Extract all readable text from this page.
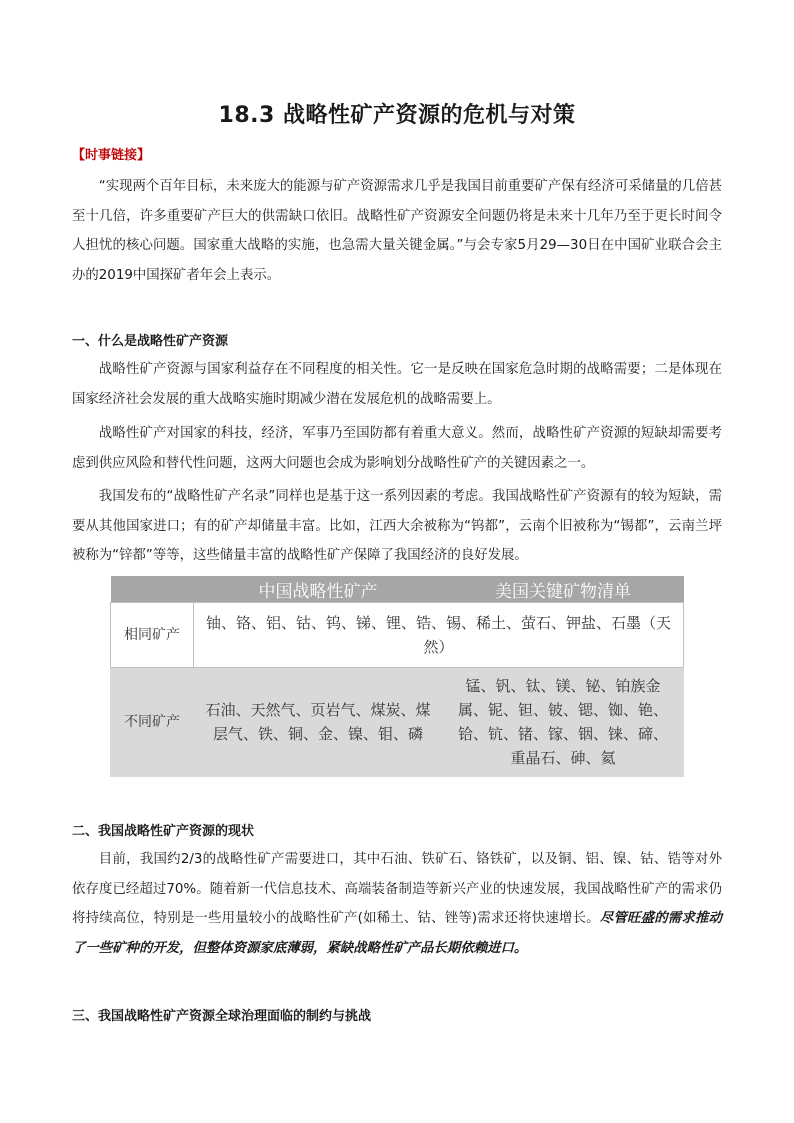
18.3 战略性矿产资源的危机与对策
【时事链接】

“实现两个百年目标，未来庞大的能源与矿产资源需求几乎是我国目前重要矿产保有经济可采储量的几倍甚至十几倍，许多重要矿产巨大的供需缺口依旧。战略性矿产资源安全问题仍将是未来十几年乃至于更长时间令人担忧的核心问题。国家重大战略的实施，也急需大量关键金属。”与会专家5月29—30日在中国矿业联合会主办的2019中国探矿者年会上表示。

一、什么是战略性矿产资源

战略性矿产资源与国家利益存在不同程度的相关性。它一是反映在国家危急时期的战略需要；二是体现在国家经济社会发展的重大战略实施时期减少潜在发展危机的战略需要上。

战略性矿产对国家的科技，经济，军事乃至国防都有着重大意义。然而，战略性矿产资源的短缺却需要考虑到供应风险和替代性问题，这两大问题也会成为影响划分战略性矿产的关键因素之一。

我国发布的“战略性矿产名录”同样也是基于这一系列因素的考虑。我国战略性矿产资源有的较为短缺，需要从其他国家进口；有的矿产却储量丰富。比如，江西大余被称为“钨都”，云南个旧被称为“锡都”，云南兰坪被称为“锌都”等等，这些储量丰富的战略性矿产保障了我国经济的良好发展。

	中国战略性矿产	美国关键矿物清单
相同矿产	铀、铬、铝、钴、钨、锑、锂、锆、锡、稀土、萤石、钾盐、石墨（天然）	
不同矿产	石油、天然气、页岩气、煤炭、煤层气、铁、铜、金、镍、钼、磷	锰、钒、钛、镁、铋、铂族金属、铌、钽、铍、锶、铷、铯、铪、钪、锗、镓、铟、铼、碲、重晶石、砷、氦
二、我国战略性矿产资源的现状

目前，我国约2/3的战略性矿产需要进口，其中石油、铁矿石、铬铁矿，以及铜、铝、镍、钴、锆等对外依存度已经超过70%。随着新一代信息技术、高端装备制造等新兴产业的快速发展，我国战略性矿产的需求仍将持续高位，特别是一些用量较小的战略性矿产(如稀土、钴、锉等)需求还将快速增长。尽管旺盛的需求推动了一些矿种的开发，但整体资源家底薄弱，紧缺战略性矿产品长期依赖进口。

三、我国战略性矿产资源全球治理面临的制约与挑战
